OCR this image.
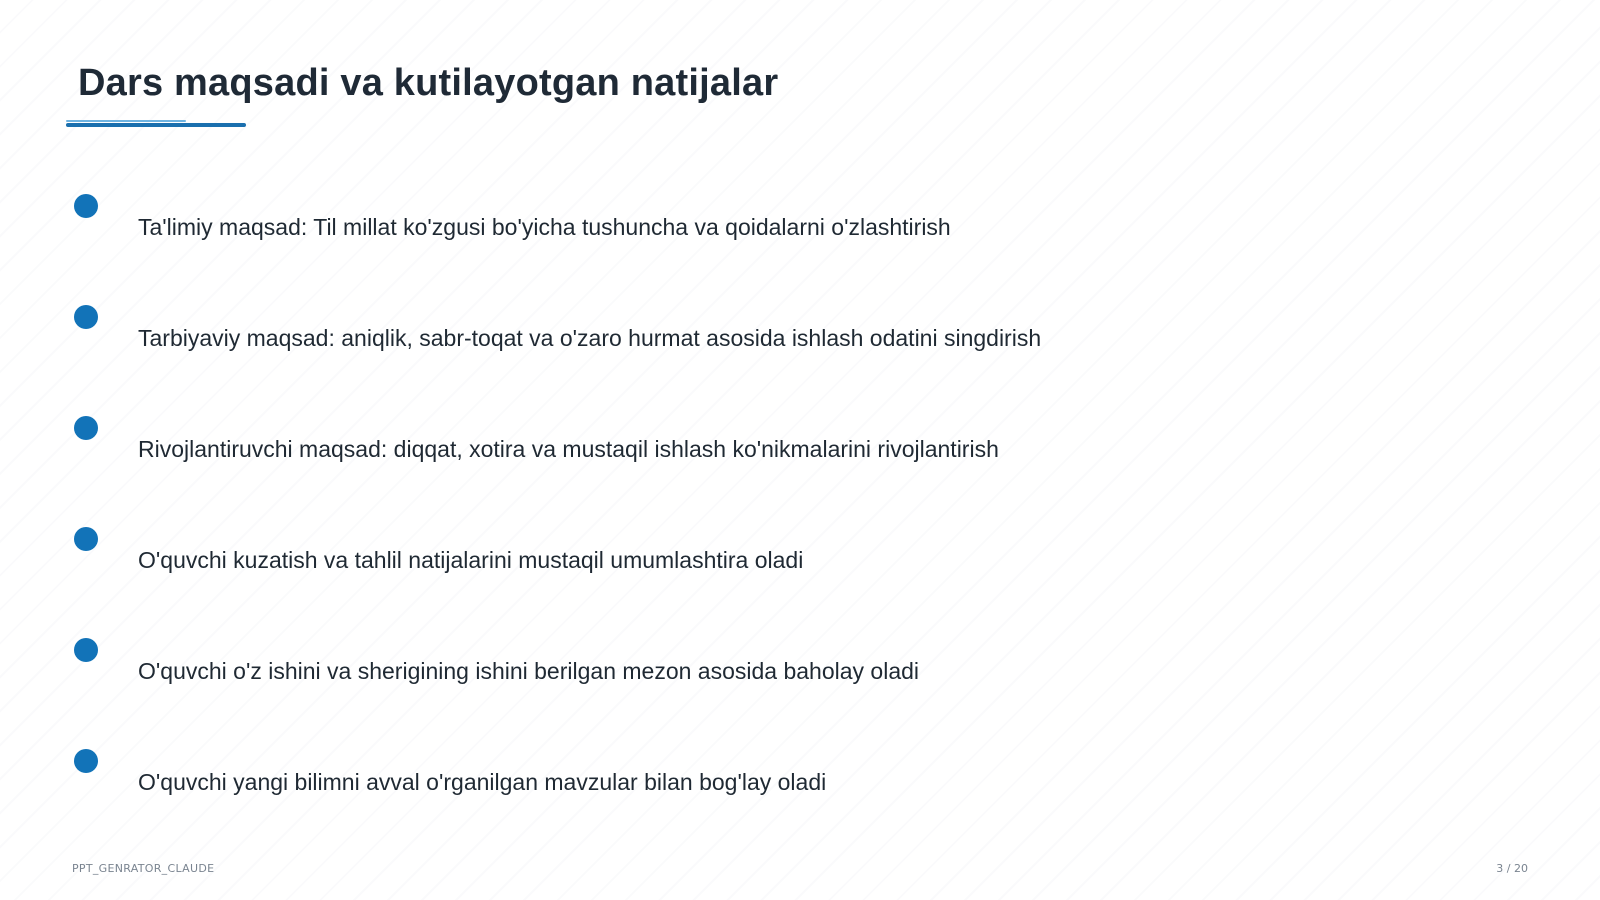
Dars maqsadi va kutilayotgan natijalar
Ta'limiy maqsad: Til millat ko'zgusi bo'yicha tushuncha va qoidalarni o'zlashtirish
Tarbiyaviy maqsad: aniqlik, sabr-toqat va o'zaro hurmat asosida ishlash odatini singdirish
Rivojlantiruvchi maqsad: diqqat, xotira va mustaqil ishlash ko'nikmalarini rivojlantirish
O'quvchi kuzatish va tahlil natijalarini mustaqil umumlashtira oladi
O'quvchi o'z ishini va sherigining ishini berilgan mezon asosida baholay oladi
O'quvchi yangi bilimni avval o'rganilgan mavzular bilan bog'lay oladi
PPT_GENRATOR_CLAUDE	3 / 20
